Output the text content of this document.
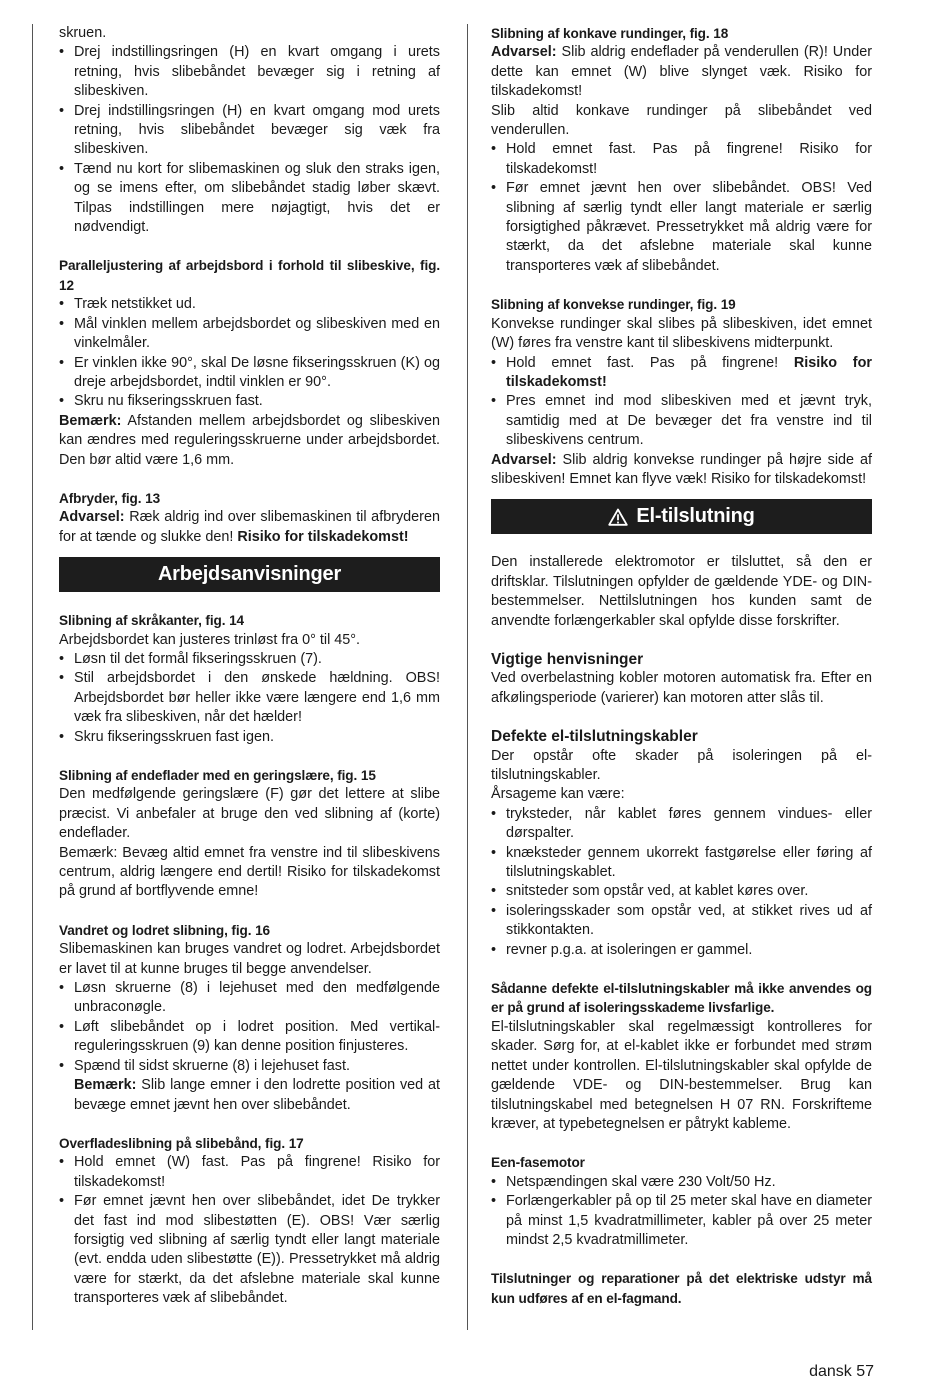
skruen.

• Drej indstillingsringen (H) en kvart omgang i urets retning, hvis slibebåndet bevæger sig i retning af slibeskiven.
• Drej indstillingsringen (H) en kvart omgang mod urets retning, hvis slibebåndet bevæger sig væk fra slibeskiven.
• Tænd nu kort for slibemaskinen og sluk den straks igen, og se imens efter, om slibebåndet stadig løber skævt. Tilpas indstillingen mere nøjagtigt, hvis det er nødvendigt.

Paralleljustering af arbejdsbord i forhold til slibeskive, fig. 12

• Træk netstikket ud.
• Mål vinklen mellem arbejdsbordet og slibeskiven med en vinkelmåler.
• Er vinklen ikke 90°, skal De løsne fikseringsskruen (K) og dreje arbejdsbordet, indtil vinklen er 90°.
• Skru nu fikseringsskruen fast.

Bemærk: Afstanden mellem arbejdsbordet og slibeskiven kan ændres med reguleringsskruerne under arbejdsbordet. Den bør altid være 1,6 mm.

Afbryder, fig. 13

Advarsel: Ræk aldrig ind over slibemaskinen til afbryderen for at tænde og slukke den! Risiko for tilskadekomst!

Arbejdsanvisninger

Slibning af skråkanter, fig. 14

Arbejdsbordet kan justeres trinløst fra 0° til 45°.

• Løsn til det formål fikseringsskruen (7).
• Stil arbejdsbordet i den ønskede hældning. OBS! Arbejdsbordet bør heller ikke være længere end 1,6 mm væk fra slibeskiven, når det hælder!
• Skru fikseringsskruen fast igen.

Slibning af endeflader med en geringslære, fig. 15

Den medfølgende geringslære (F) gør det lettere at slibe præcist. Vi anbefaler at bruge den ved slibning af (korte) endeflader.

Bemærk: Bevæg altid emnet fra venstre ind til slibeskivens centrum, aldrig længere end dertil! Risiko for tilskadekomst på grund af bortflyvende emne!

Vandret og lodret slibning, fig. 16

Slibemaskinen kan bruges vandret og lodret. Arbejdsbordet er lavet til at kunne bruges til begge anvendelser.

• Løsn skruerne (8) i lejehuset med den medfølgende unbraconøgle.
• Løft slibebåndet op i lodret position. Med vertikal-reguleringsskruen (9) kan denne position finjusteres.
• Spænd til sidst skruerne (8) i lejehuset fast.

Bemærk: Slib lange emner i den lodrette position ved at bevæge emnet jævnt hen over slibebåndet.

Overfladeslibning på slibebånd, fig. 17

• Hold emnet (W) fast. Pas på fingrene! Risiko for tilskadekomst!
• Før emnet jævnt hen over slibebåndet, idet De trykker det fast ind mod slibestøtten (E). OBS! Vær særlig forsigtig ved slibning af særlig tyndt eller langt materiale (evt. endda uden slibestøtte (E)). Pressetrykket må aldrig være for stærkt, da det afslebne materiale skal kunne transporteres væk af slibebåndet.

Slibning af konkave rundinger, fig. 18

Advarsel: Slib aldrig endeflader på venderullen (R)! Under dette kan emnet (W) blive slynget væk. Risiko for tilskadekomst!

Slib altid konkave rundinger på slibebåndet ved venderullen.

• Hold emnet fast. Pas på fingrene! Risiko for tilskadekomst!
• Før emnet jævnt hen over slibebåndet. OBS! Ved slibning af særlig tyndt eller langt materiale er særlig forsigtighed påkrævet. Pressetrykket må aldrig være for stærkt, da det afslebne materiale skal kunne transporteres væk af slibebåndet.

Slibning af konvekse rundinger, fig. 19

Konvekse rundinger skal slibes på slibeskiven, idet emnet (W) føres fra venstre kant til slibeskivens midterpunkt.

• Hold emnet fast. Pas på fingrene! Risiko for tilskadekomst!
• Pres emnet ind mod slibeskiven med et jævnt tryk, samtidig med at De bevæger det fra venstre ind til slibeskivens centrum.

Advarsel: Slib aldrig konvekse rundinger på højre side af slibeskiven! Emnet kan flyve væk! Risiko for tilskadekomst!

El-tilslutning

Den installerede elektromotor er tilsluttet, så den er driftsklar. Tilslutningen opfylder de gældende YDE- og DIN-bestemmelser. Nettilslutningen hos kunden samt de anvendte forlængerkabler skal opfylde disse forskrifter.

Vigtige henvisninger

Ved overbelastning kobler motoren automatisk fra. Efter en afkølingsperiode (varierer) kan motoren atter slås til.

Defekte el-tilslutningskabler

Der opstår ofte skader på isoleringen på el-tilslutningskabler.

Årsageme kan være:

• tryksteder, når kablet føres gennem vindues- eller dørspalter.
• knæksteder gennem ukorrekt fastgørelse eller føring af tilslutningskablet.
• snitsteder som opstår ved, at kablet køres over.
• isoleringsskader som opstår ved, at stikket rives ud af stikkontakten.
• revner p.g.a. at isoleringen er gammel.

Sådanne defekte el-tilslutningskabler må ikke anvendes og er på grund af isoleringsskademe livsfarlige.

El-tilslutningskabler skal regelmæssigt kontrolleres for skader. Sørg for, at el-kablet ikke er forbundet med strøm nettet under kontrollen. El-tilslutningskabler skal opfylde de gældende VDE- og DIN-bestemmelser. Brug kan tilslutningskabel med betegnelsen H 07 RN. Forskrifteme kræver, at typebetegnelsen er påtrykt kableme.

Een-fasemotor

• Netspændingen skal være 230 Volt/50 Hz.
• Forlængerkabler på op til 25 meter skal have en diameter på minst 1,5 kvadratmillimeter, kabler på over 25 meter mindst 2,5 kvadratmillimeter.

Tilslutninger og reparationer på det elektriske udstyr må kun udføres af en el-fagmand.

dansk 57
